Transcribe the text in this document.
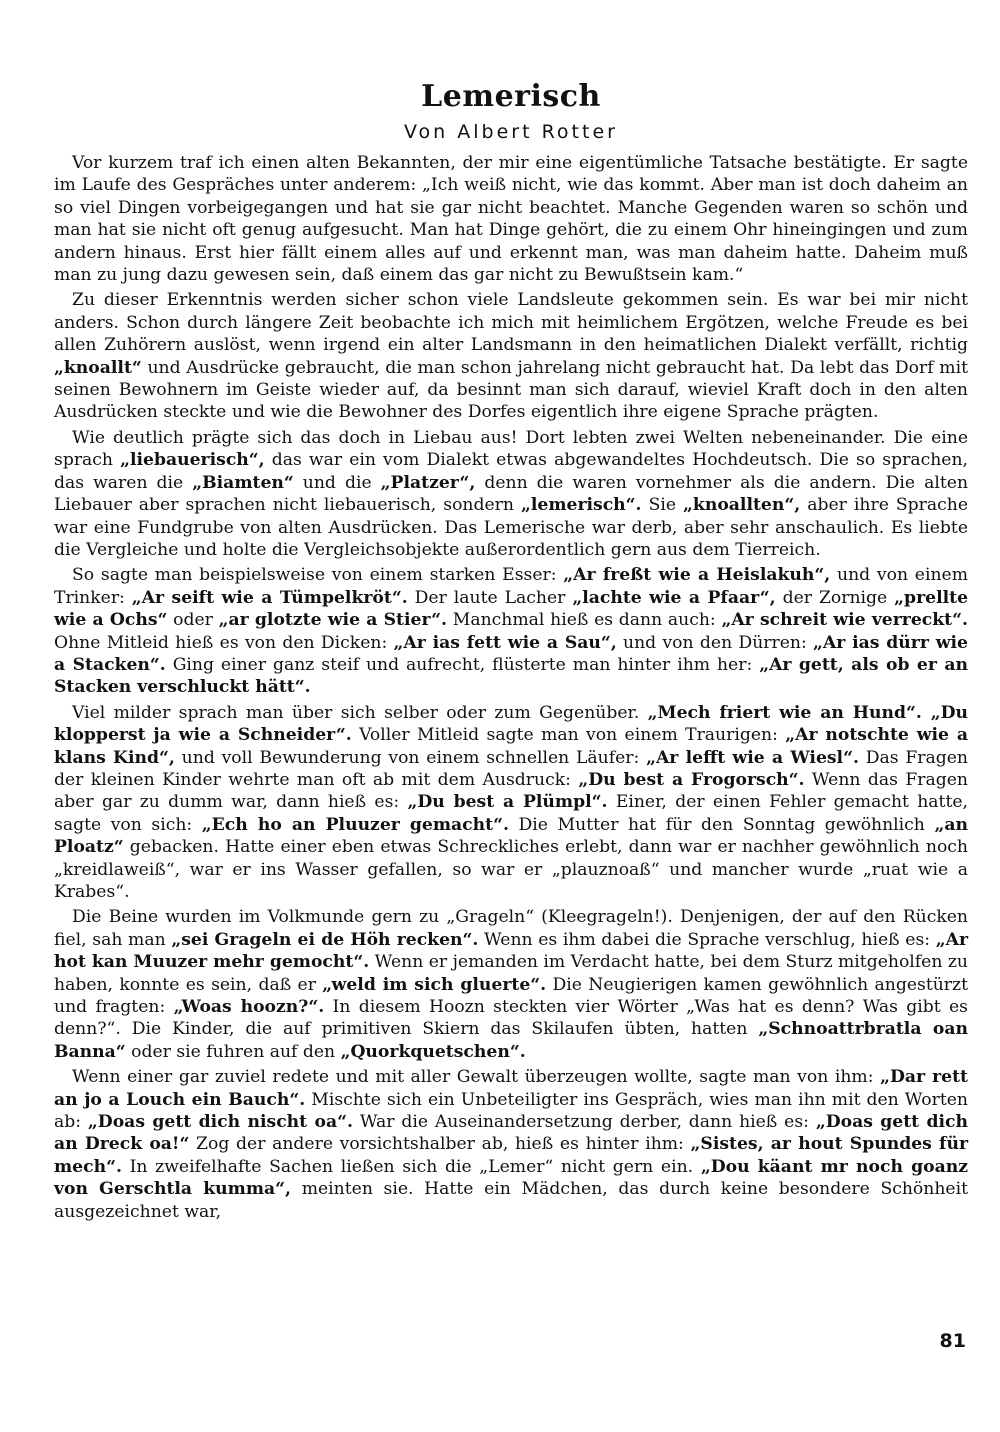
Lemerisch
Von Albert Rotter

Vor kurzem traf ich einen alten Bekannten, der mir eine eigentümliche Tatsache bestätigte. Er sagte im Laufe des Gespräches unter anderem: „Ich weiß nicht, wie das kommt. Aber man ist doch daheim an so viel Dingen vorbeigegangen und hat sie gar nicht beachtet. Manche Gegenden waren so schön und man hat sie nicht oft genug aufgesucht. Man hat Dinge gehört, die zu einem Ohr hineingingen und zum andern hinaus. Erst hier fällt einem alles auf und erkennt man, was man daheim hatte. Daheim muß man zu jung dazu gewesen sein, daß einem das gar nicht zu Bewußtsein kam.“

Zu dieser Erkenntnis werden sicher schon viele Landsleute gekommen sein. Es war bei mir nicht anders. Schon durch längere Zeit beobachte ich mich mit heimlichem Ergötzen, welche Freude es bei allen Zuhörern auslöst, wenn irgend ein alter Landsmann in den heimatlichen Dialekt verfällt, richtig „knoallt“ und Ausdrücke gebraucht, die man schon jahrelang nicht gebraucht hat. Da lebt das Dorf mit seinen Bewohnern im Geiste wieder auf, da besinnt man sich darauf, wieviel Kraft doch in den alten Ausdrücken steckte und wie die Bewohner des Dorfes eigentlich ihre eigene Sprache prägten.

Wie deutlich prägte sich das doch in Liebau aus! Dort lebten zwei Welten nebeneinander. Die eine sprach „liebauerisch“, das war ein vom Dialekt etwas abgewandeltes Hochdeutsch. Die so sprachen, das waren die „Biamten“ und die „Platzer“, denn die waren vornehmer als die andern. Die alten Liebauer aber sprachen nicht liebauerisch, sondern „lemerisch“. Sie „knoallten“, aber ihre Sprache war eine Fundgrube von alten Ausdrücken. Das Lemerische war derb, aber sehr anschaulich. Es liebte die Vergleiche und holte die Vergleichsobjekte außerordentlich gern aus dem Tierreich.

So sagte man beispielsweise von einem starken Esser: „Ar freßt wie a Heislakuh“, und von einem Trinker: „Ar seift wie a Tümpelkröt“. Der laute Lacher „lachte wie a Pfaar“, der Zornige „prellte wie a Ochs“ oder „ar glotzte wie a Stier“. Manchmal hieß es dann auch: „Ar schreit wie verreckt“. Ohne Mitleid hieß es von den Dicken: „Ar ias fett wie a Sau“, und von den Dürren: „Ar ias dürr wie a Stacken“. Ging einer ganz steif und aufrecht, flüsterte man hinter ihm her: „Ar gett, als ob er an Stacken verschluckt hätt“.

Viel milder sprach man über sich selber oder zum Gegenüber. „Mech friert wie an Hund“. „Du klopperst ja wie a Schneider“. Voller Mitleid sagte man von einem Traurigen: „Ar notschte wie a klans Kind“, und voll Bewunderung von einem schnellen Läufer: „Ar lefft wie a Wiesl“. Das Fragen der kleinen Kinder wehrte man oft ab mit dem Ausdruck: „Du best a Frogorsch“. Wenn das Fragen aber gar zu dumm war, dann hieß es: „Du best a Plümpl“. Einer, der einen Fehler gemacht hatte, sagte von sich: „Ech ho an Pluuzer gemacht“. Die Mutter hat für den Sonntag gewöhnlich „an Ploatz“ gebacken. Hatte einer eben etwas Schreckliches erlebt, dann war er nachher gewöhnlich noch „kreidlaweiß“, war er ins Wasser gefallen, so war er „plauznoaß“ und mancher wurde „ruat wie a Krabes“.

Die Beine wurden im Volkmunde gern zu „Grageln“ (Kleegrageln!). Denjenigen, der auf den Rücken fiel, sah man „sei Grageln ei de Höh recken“. Wenn es ihm dabei die Sprache verschlug, hieß es: „Ar hot kan Muuzer mehr gemocht“. Wenn er jemanden im Verdacht hatte, bei dem Sturz mitgeholfen zu haben, konnte es sein, daß er „weld im sich gluerte“. Die Neugierigen kamen gewöhnlich angestürzt und fragten: „Woas hoozn?“. In diesem Hoozn steckten vier Wörter „Was hat es denn? Was gibt es denn?“. Die Kinder, die auf primitiven Skiern das Skilaufen übten, hatten „Schnoattrbratla oan Banna“ oder sie fuhren auf den „Quorkquetschen“.

Wenn einer gar zuviel redete und mit aller Gewalt überzeugen wollte, sagte man von ihm: „Dar rett an jo a Louch ein Bauch“. Mischte sich ein Unbeteiligter ins Gespräch, wies man ihn mit den Worten ab: „Doas gett dich nischt oa“. War die Auseinandersetzung derber, dann hieß es: „Doas gett dich an Dreck oa!“ Zog der andere vorsichtshalber ab, hieß es hinter ihm: „Sistes, ar hout Spundes für mech“. In zweifelhafte Sachen ließen sich die „Lemer“ nicht gern ein. „Dou käant mr noch goanz von Gerschtla kumma“, meinten sie. Hatte ein Mädchen, das durch keine besondere Schönheit ausgezeichnet war,

81
